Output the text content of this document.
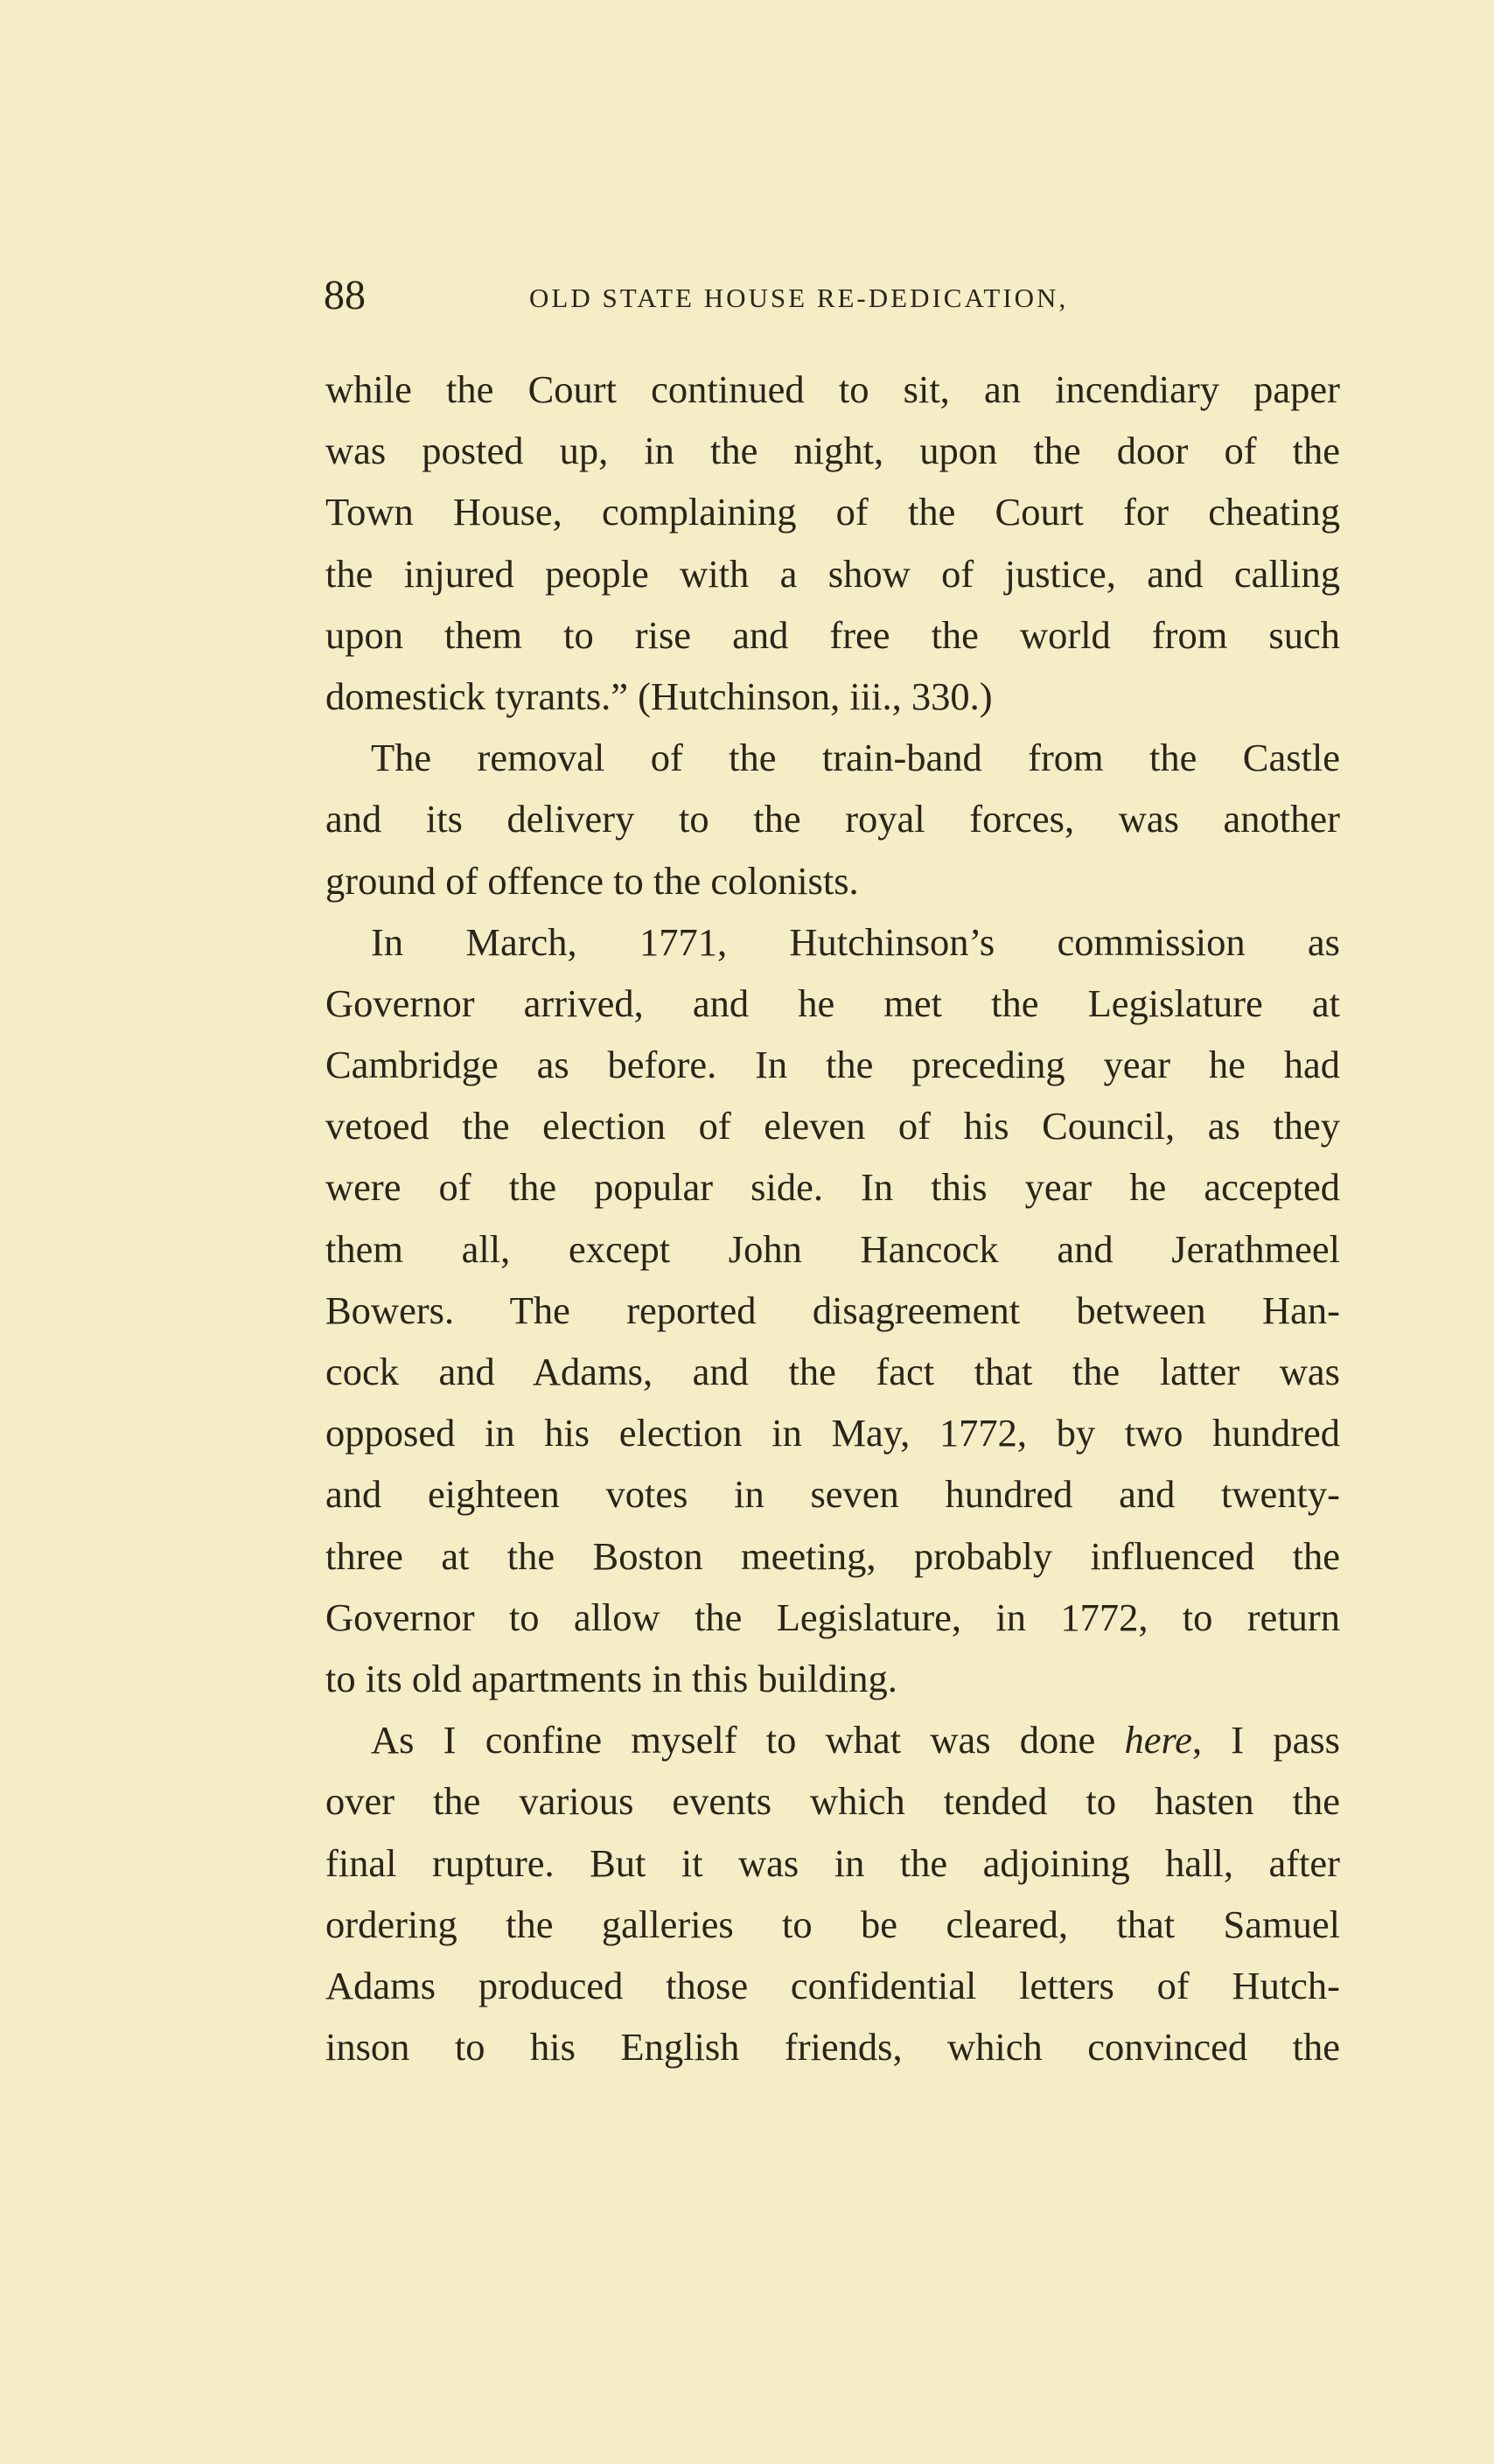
88	OLD STATE HOUSE RE-DEDICATION,
while the Court continued to sit, an incendiary paper
was posted up, in the night, upon the door of the
Town House, complaining of the Court for cheating
the injured people with a show of justice, and calling
upon them to rise and free the world from such
domestick tyrants.” (Hutchinson, iii., 330.)
The removal of the train-band from the Castle
and its delivery to the royal forces, was another
ground of offence to the colonists.
In March, 1771, Hutchinson’s commission as
Governor arrived, and he met the Legislature at
Cambridge as before. In the preceding year he had
vetoed the election of eleven of his Council, as they
were of the popular side. In this year he accepted
them all, except John Hancock and Jerathmeel
Bowers. The reported disagreement between Han-
cock and Adams, and the fact that the latter was
opposed in his election in May, 1772, by two hundred
and eighteen votes in seven hundred and twenty-
three at the Boston meeting, probably influenced the
Governor to allow the Legislature, in 1772, to return
to its old apartments in this building.
As I confine myself to what was done here, I pass
over the various events which tended to hasten the
final rupture. But it was in the adjoining hall, after
ordering the galleries to be cleared, that Samuel
Adams produced those confidential letters of Hutch-
inson to his English friends, which convinced the
